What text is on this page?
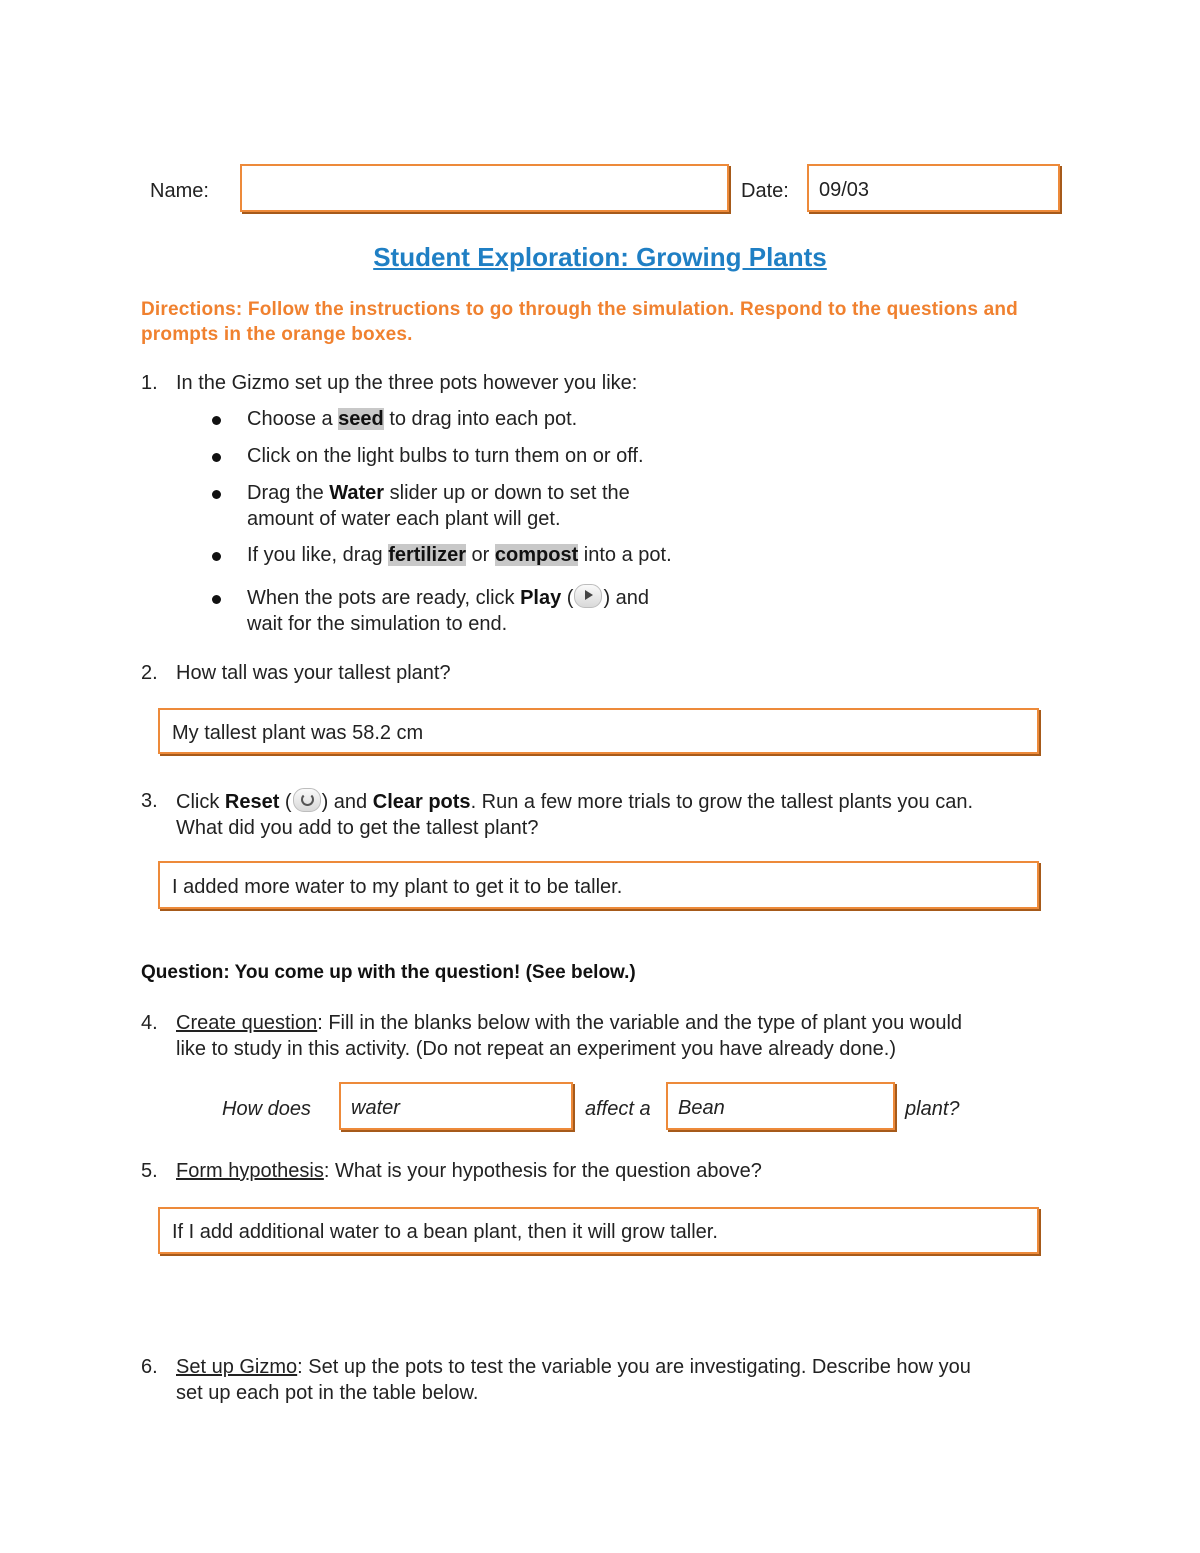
Name:	Date:	09/03
Student Exploration: Growing Plants
Directions: Follow the instructions to go through the simulation. Respond to the questions and prompts in the orange boxes.
1. In the Gizmo set up the three pots however you like:
Choose a seed to drag into each pot.
Click on the light bulbs to turn them on or off.
Drag the Water slider up or down to set the
amount of water each plant will get.
If you like, drag fertilizer or compost into a pot.
When the pots are ready, click Play ( ) and
wait for the simulation to end.
2. How tall was your tallest plant?
My tallest plant was 58.2 cm
3. Click Reset ( ) and Clear pots. Run a few more trials to grow the tallest plants you can.
What did you add to get the tallest plant?
I added more water to my plant to get it to be taller.
Question: You come up with the question! (See below.)
4. Create question: Fill in the blanks below with the variable and the type of plant you would
like to study in this activity. (Do not repeat an experiment you have already done.)
How does	water	affect a	Bean	plant?
5. Form hypothesis: What is your hypothesis for the question above?
If I add additional water to a bean plant, then it will grow taller.
6. Set up Gizmo: Set up the pots to test the variable you are investigating. Describe how you
set up each pot in the table below.
